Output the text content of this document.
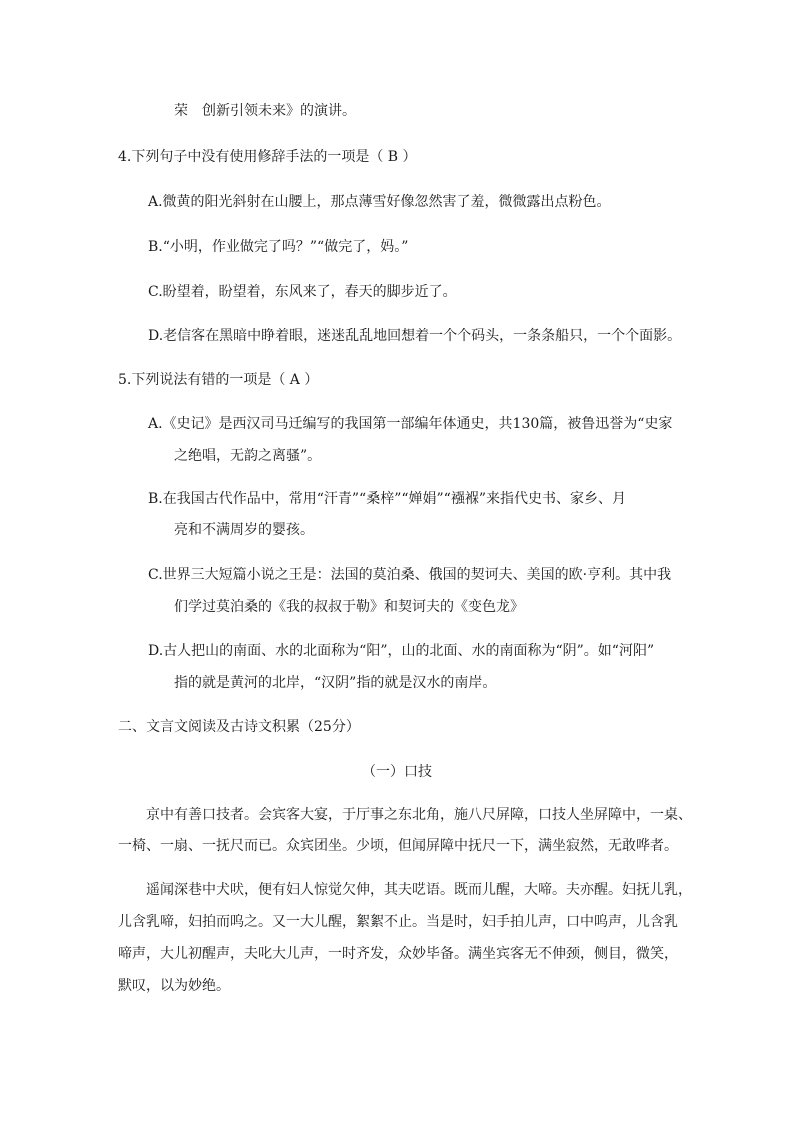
荣　创新引领未来》的演讲。
4.下列句子中没有使用修辞手法的一项是（ B ）
A.微黄的阳光斜射在山腰上，那点薄雪好像忽然害了羞，微微露出点粉色。
B.“小明，作业做完了吗？”“做完了，妈。”
C.盼望着，盼望着，东风来了，春天的脚步近了。
D.老信客在黑暗中睁着眼，迷迷乱乱地回想着一个个码头，一条条船只，一个个面影。
5.下列说法有错的一项是（ A ）
A.《史记》是西汉司马迁编写的我国第一部编年体通史，共130篇，被鲁迅誉为“史家
之绝唱，无韵之离骚”。
B.在我国古代作品中，常用“汗青”“桑梓”“婵娟”“襁褓”来指代史书、家乡、月
亮和不满周岁的婴孩。
C.世界三大短篇小说之王是：法国的莫泊桑、俄国的契诃夫、美国的欧·亨利。其中我
们学过莫泊桑的《我的叔叔于勒》和契诃夫的《变色龙》
D.古人把山的南面、水的北面称为“阳”，山的北面、水的南面称为“阴”。如“河阳”
指的就是黄河的北岸，“汉阴”指的就是汉水的南岸。
二、文言文阅读及古诗文积累（25分）
（一）口技
京中有善口技者。会宾客大宴，于厅事之东北角，施八尺屏障，口技人坐屏障中，一桌、
一椅、一扇、一抚尺而已。众宾团坐。少顷，但闻屏障中抚尺一下，满坐寂然，无敢哗者。
遥闻深巷中犬吠，便有妇人惊觉欠伸，其夫呓语。既而儿醒，大啼。夫亦醒。妇抚儿乳，
儿含乳啼，妇拍而呜之。又一大儿醒，絮絮不止。当是时，妇手拍儿声，口中呜声，儿含乳
啼声，大儿初醒声，夫叱大儿声，一时齐发，众妙毕备。满坐宾客无不伸颈，侧目，微笑，
默叹，以为妙绝。
